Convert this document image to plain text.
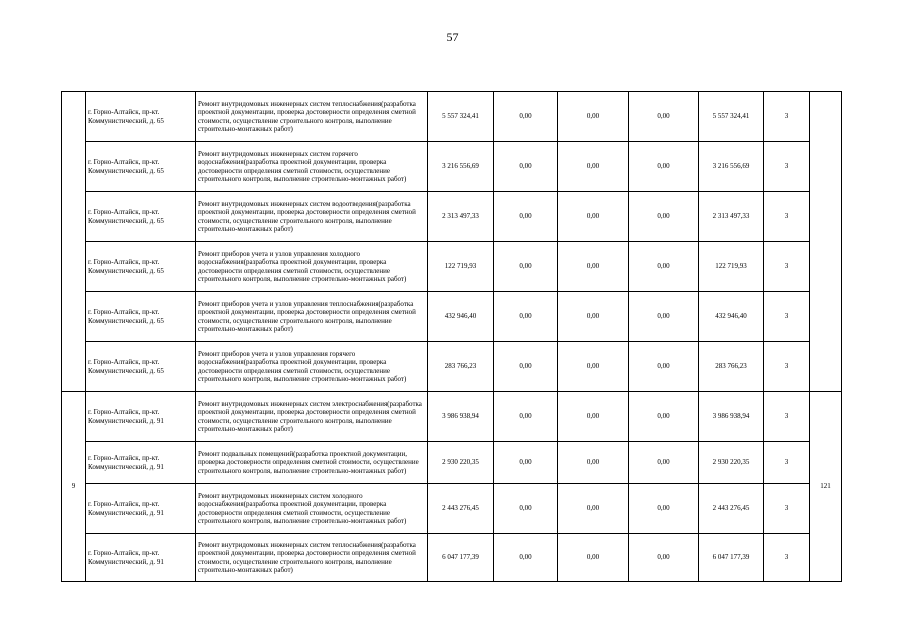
57

	г. Горно-Алтайск, пр-кт.
Коммунистический, д. 65	Ремонт внутридомовых инженерных систем теплоснабжения(разработка проектной документации, проверка достоверности определения сметной стоимости, осуществление строительного контроля, выполнение строительно-монтажных работ)	5 557 324,41	0,00	0,00	0,00	5 557 324,41	3	

	г. Горно-Алтайск, пр-кт.
Коммунистический, д. 65	Ремонт внутридомовых инженерных систем горячего водоснабжения(разработка проектной документации, проверка достоверности определения сметной стоимости, осуществление строительного контроля, выполнение строительно-монтажных работ)	3 216 556,69	0,00	0,00	0,00	3 216 556,69	3	

	г. Горно-Алтайск, пр-кт.
Коммунистический, д. 65	Ремонт внутридомовых инженерных систем водоотведения(разработка проектной документации, проверка достоверности определения сметной стоимости, осуществление строительного контроля, выполнение строительно-монтажных работ)	2 313 497,33	0,00	0,00	0,00	2 313 497,33	3	

	г. Горно-Алтайск, пр-кт.
Коммунистический, д. 65	Ремонт приборов учета и узлов управления холодного водоснабжения(разработка проектной документации, проверка достоверности определения сметной стоимости, осуществление строительного контроля, выполнение строительно-монтажных работ)	122 719,93	0,00	0,00	0,00	122 719,93	3	

	г. Горно-Алтайск, пр-кт.
Коммунистический, д. 65	Ремонт приборов учета и узлов управления теплоснабжения(разработка проектной документации, проверка достоверности определения сметной стоимости, осуществление строительного контроля, выполнение строительно-монтажных работ)	432 946,40	0,00	0,00	0,00	432 946,40	3	

	г. Горно-Алтайск, пр-кт.
Коммунистический, д. 65	Ремонт приборов учета и узлов управления горячего водоснабжения(разработка проектной документации, проверка достоверности определения сметной стоимости, осуществление строительного контроля, выполнение строительно-монтажных работ)	283 766,23	0,00	0,00	0,00	283 766,23	3	
9	г. Горно-Алтайск, пр-кт.
Коммунистический, д. 91	Ремонт внутридомовых инженерных систем электроснабжения(разработка проектной документации, проверка достоверности определения сметной стоимости, осуществление строительного контроля, выполнение строительно-монтажных работ)	3 986 938,94	0,00	0,00	0,00	3 986 938,94	3	121

	г. Горно-Алтайск, пр-кт.
Коммунистический, д. 91	Ремонт подвальных помещений(разработка проектной документации, проверка достоверности определения сметной стоимости, осуществление строительного контроля, выполнение строительно-монтажных работ)	2 930 220,35	0,00	0,00	0,00	2 930 220,35	3	

	г. Горно-Алтайск, пр-кт.
Коммунистический, д. 91	Ремонт внутридомовых инженерных систем холодного водоснабжения(разработка проектной документации, проверка достоверности определения сметной стоимости, осуществление строительного контроля, выполнение строительно-монтажных работ)	2 443 276,45	0,00	0,00	0,00	2 443 276,45	3	

	г. Горно-Алтайск, пр-кт.
Коммунистический, д. 91	Ремонт внутридомовых инженерных систем теплоснабжения(разработка проектной документации, проверка достоверности определения сметной стоимости, осуществление строительного контроля, выполнение строительно-монтажных работ)	6 047 177,39	0,00	0,00	0,00	6 047 177,39	3	
